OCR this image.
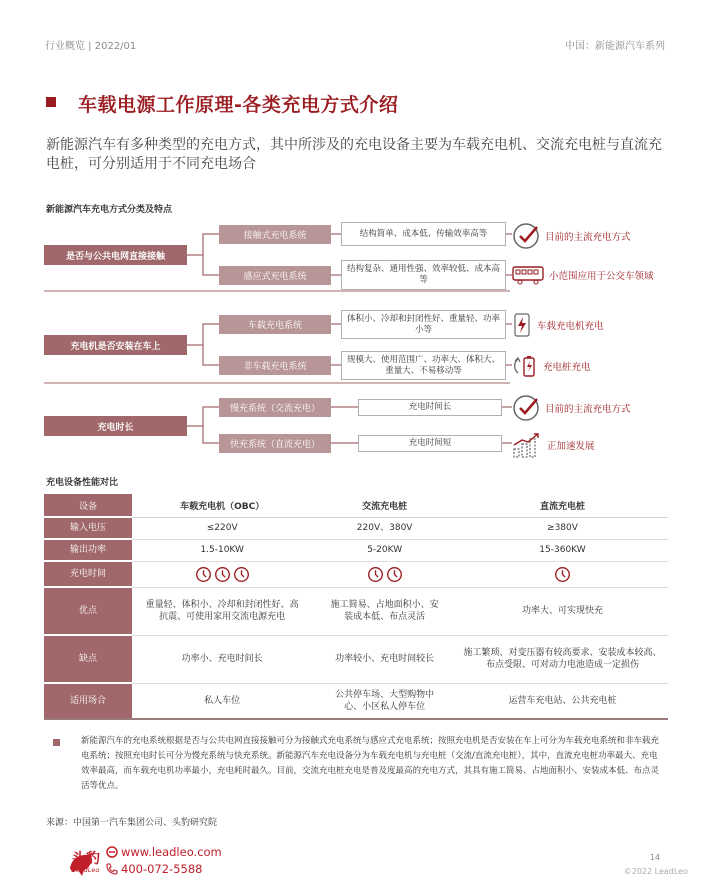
行业概览 | 2022/01	中国：新能源汽车系列
车载电源工作原理-各类充电方式介绍
新能源汽车有多种类型的充电方式，其中所涉及的充电设备主要为车载充电机、交流充电桩与直流充电桩，可分别适用于不同充电场合
新能源汽车充电方式分类及特点
是否与公共电网直接接触
接触式充电系统
感应式充电系统
结构简单、成本低、传输效率高等
结构复杂、通用性强、效率较低、成本高等
目前的主流充电方式
小范围应用于公交车领域
充电机是否安装在车上
车载充电系统
非车载充电系统
体积小、冷却和封闭性好、重量轻、功率小等
规模大、使用范围广、功率大、体积大、重量大、不易移动等
车载充电机充电
充电桩充电
充电时长
慢充系统（交流充电）
快充系统（直流充电）
充电时间长
充电时间短
目前的主流充电方式
正加速发展
充电设备性能对比
设备	车载充电机（OBC）	交流充电桩	直流充电桩
输入电压	≤220V	220V、380V	≥380V
输出功率	1.5-10KW	5-20KW	15-360KW
充电时间			
优点	重量轻、体积小、冷却和封闭性好、高抗震、可使用家用交流电源充电	施工简易、占地面积小、安装成本低、布点灵活	功率大、可实现快充
缺点	功率小、充电时间长	功率较小、充电时间较长	施工繁琐、对变压器有较高要求、安装成本较高、布点受限、可对动力电池造成一定损伤
适用场合	私人车位	公共停车场、大型购物中心、小区私人停车位	运营车充电站、公共充电桩
新能源汽车的充电系统根据是否与公共电网直接接触可分为接触式充电系统与感应式充电系统；按照充电机是否安装在车上可分为车载充电系统和非车载充电系统；按照充电时长可分为慢充系统与快充系统。新能源汽车充电设备分为车载充电机与充电桩（交流/直流充电桩），其中，直流充电桩功率最大、充电效率最高，而车载充电机功率最小，充电耗时最久。目前，交流充电桩充电是普及度最高的充电方式，其具有施工简易、占地面积小、安装成本低、布点灵活等优点。
来源：中国第一汽车集团公司、头豹研究院
头豹
LeadLeo
www.leadleo.com
400-072-5588
14
©2022 LeadLeo
